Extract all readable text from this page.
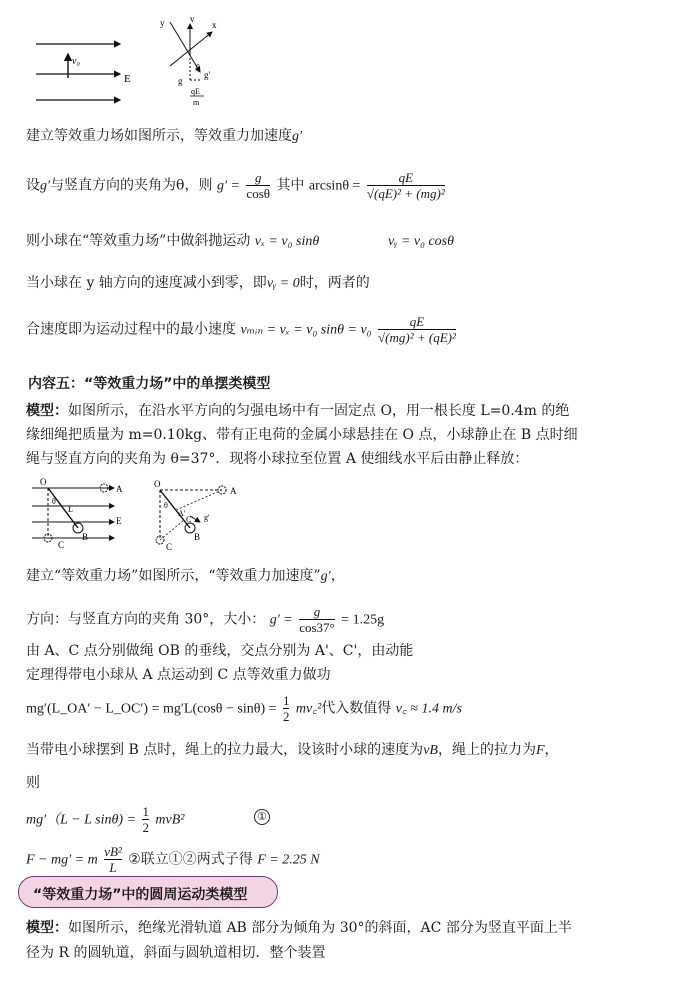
v₀
E
y	x
v
θ
g
g'
qE
m
建立等效重力场如图所示，等效重力加速度g′
设g′与竖直方向的夹角为θ，则 $g' = \frac{g}{\cos\theta}$ 其中 $\arcsin\theta = \frac{qE}{\text{√(qE)² + (mg)²}}$
则小球在“等效重力场”中做斜抛运动 vₓ = v₀ sinθ	vᵧ = v₀ cosθ
当小球在 y 轴方向的速度减小到零，即vᵧ = 0时，两者的
合速度即为运动过程中的最小速度 vₘᵢₙ = vₓ = v₀ $\sin\theta = v_0 \frac{qE}{\text{√(mg)² + (qE)²}}$
内容五：“等效重力场”中的单摆类模型
模型：如图所示，在沿水平方向的匀强电场中有一固定点 O，用一根长度 L=0.4m 的绝
缘细绳把质量为 m=0.10kg、带有正电荷的金属小球悬挂在 O 点，小球静止在 B 点时细
绳与竖直方向的夹角为 θ=37°．现将小球拉至位置 A 使细线水平后由静止释放：
O
A
E
L
B
C
θ
O
A
A'
C' g'
B
C
θ
建立“等效重力场”如图所示，“等效重力加速度”g′，
方向：与竖直方向的夹角 30°，大小： $g' = \frac{g}{\cos 37^\circ} = 1.25g$
由 A、C 点分别做绳 OB 的垂线，交点分别为 A'、C'，由动能
定理得带电小球从 A 点运动到 C 点等效重力做功
mg′(L_OA′ − L_OC′) = $mg'L(\cos\theta - \sin\theta) = \frac{1}{2}$ mv꜀²代入数值得 v꜀ ≈ 1.4 m/s
当带电小球摆到 B 点时，绳上的拉力最大，设该时小球的速度为vB，绳上的拉力为F，
则
mg′（L − L $\sin\theta) = \frac{1}{2} mvB^2$	①
F − mg′ = m $\frac{\text{vB²}}{L}$ ②联立①②两式子得 F = 2.25 N
“等效重力场”中的圆周运动类模型
模型：如图所示，绝缘光滑轨道 AB 部分为倾角为 30°的斜面，AC 部分为竖直平面上半
径为 R 的圆轨道，斜面与圆轨道相切．整个装置
